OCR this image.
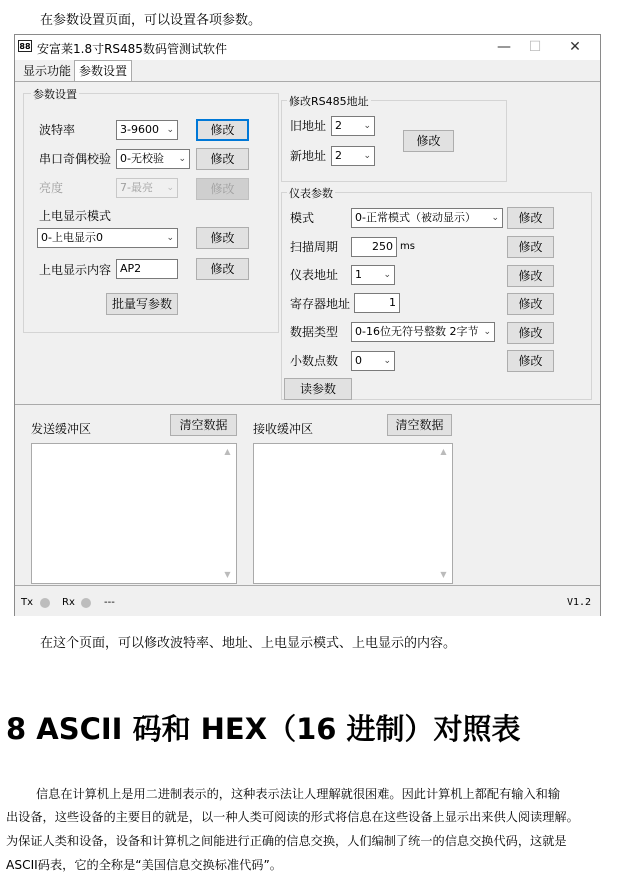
在参数设置页面，可以设置各项参数。
88 安富莱1.8寸RS485数码管测试软件	—	☐	✕
显示功能 参数设置
参数设置
波特率	3-9600 ⌄	修改
串口奇偶校验 0-无校验 ⌄	修改
亮度	7-最亮 ⌄	修改
上电显示模式
0-上电显示0	⌄	修改
上电显示内容 AP2	修改
批量写参数
修改RS485地址
旧地址 2 ⌄
新地址 2 ⌄
修改
仪表参数
模式	0-正常模式（被动显示） ⌄	修改
扫描周期	250 ms	修改
仪表地址	1 ⌄	修改
寄存器地址	1	修改
数据类型	0-16位无符号整数 2字节 ⌄	修改
小数点数	0 ⌄	修改
读参数
发送缓冲区	清空数据
▲
▼
接收缓冲区	清空数据
▲
▼
Tx	Rx	---	V1.2
在这个页面，可以修改波特率、地址、上电显示模式、上电显示的内容。
8 ASCII 码和 HEX（16 进制）对照表
信息在计算机上是用二进制表示的，这种表示法让人理解就很困难。因此计算机上都配有输入和输
出设备，这些设备的主要目的就是，以一种人类可阅读的形式将信息在这些设备上显示出来供人阅读理解。
为保证人类和设备，设备和计算机之间能进行正确的信息交换，人们编制了统一的信息交换代码，这就是
ASCII码表，它的全称是“美国信息交换标准代码”。
